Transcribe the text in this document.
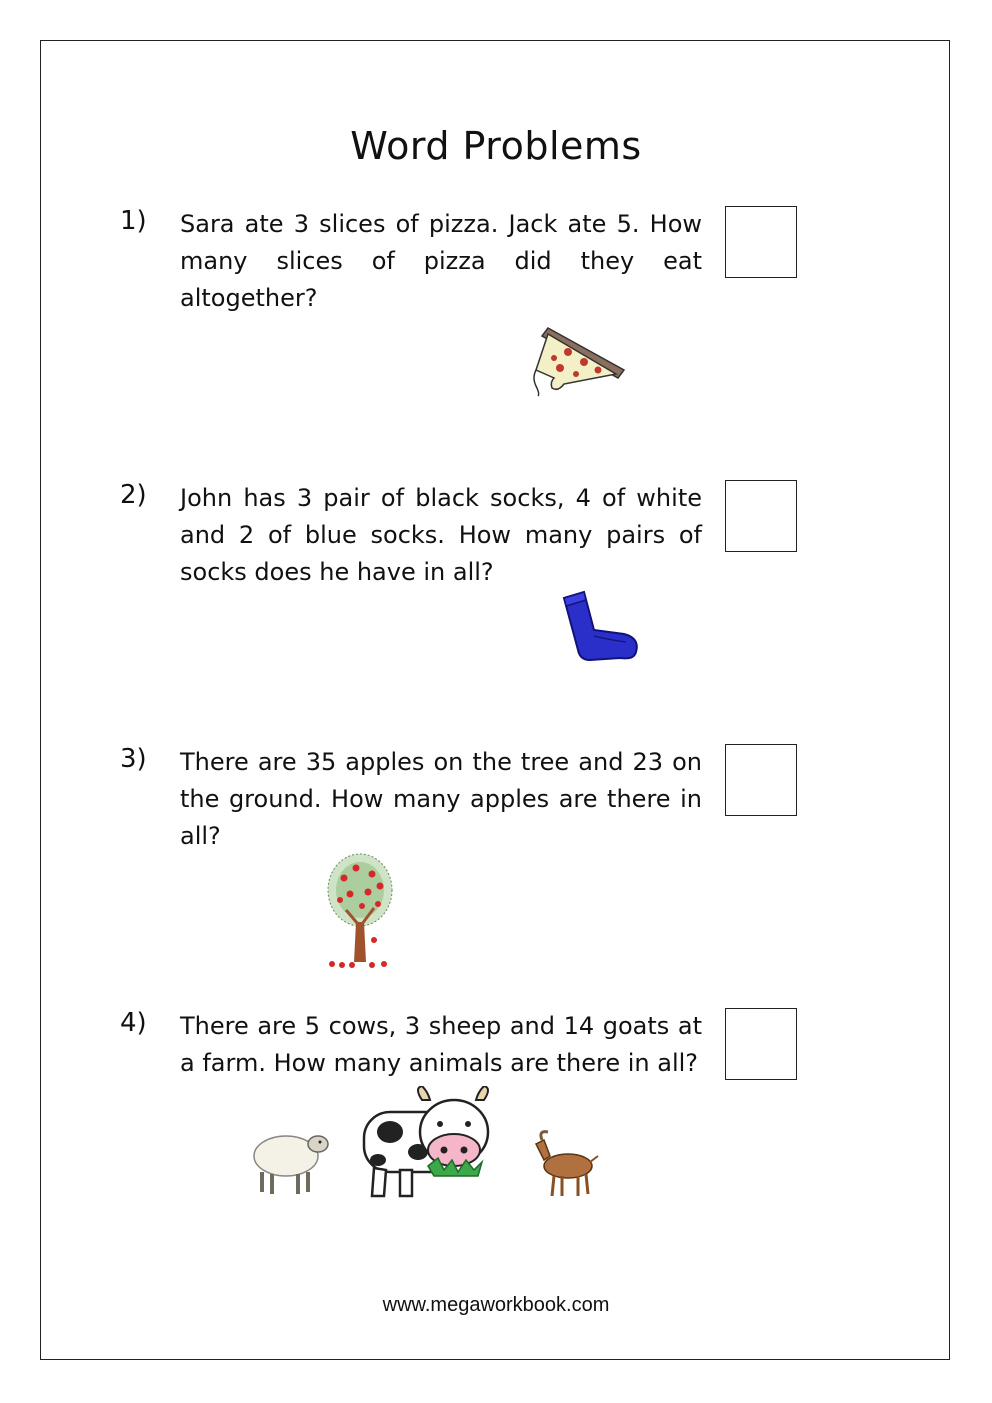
Word Problems
1) Sara ate 3 slices of pizza. Jack ate 5. How many slices of pizza did they eat altogether?
2) John has 3 pair of black socks, 4 of white and 2 of blue socks. How many pairs of socks does he have in all?
3) There are 35 apples on the tree and 23 on the ground. How many apples are there in all?
4) There are 5 cows, 3 sheep and 14 goats at a farm. How many animals are there in all?
www.megaworkbook.com
